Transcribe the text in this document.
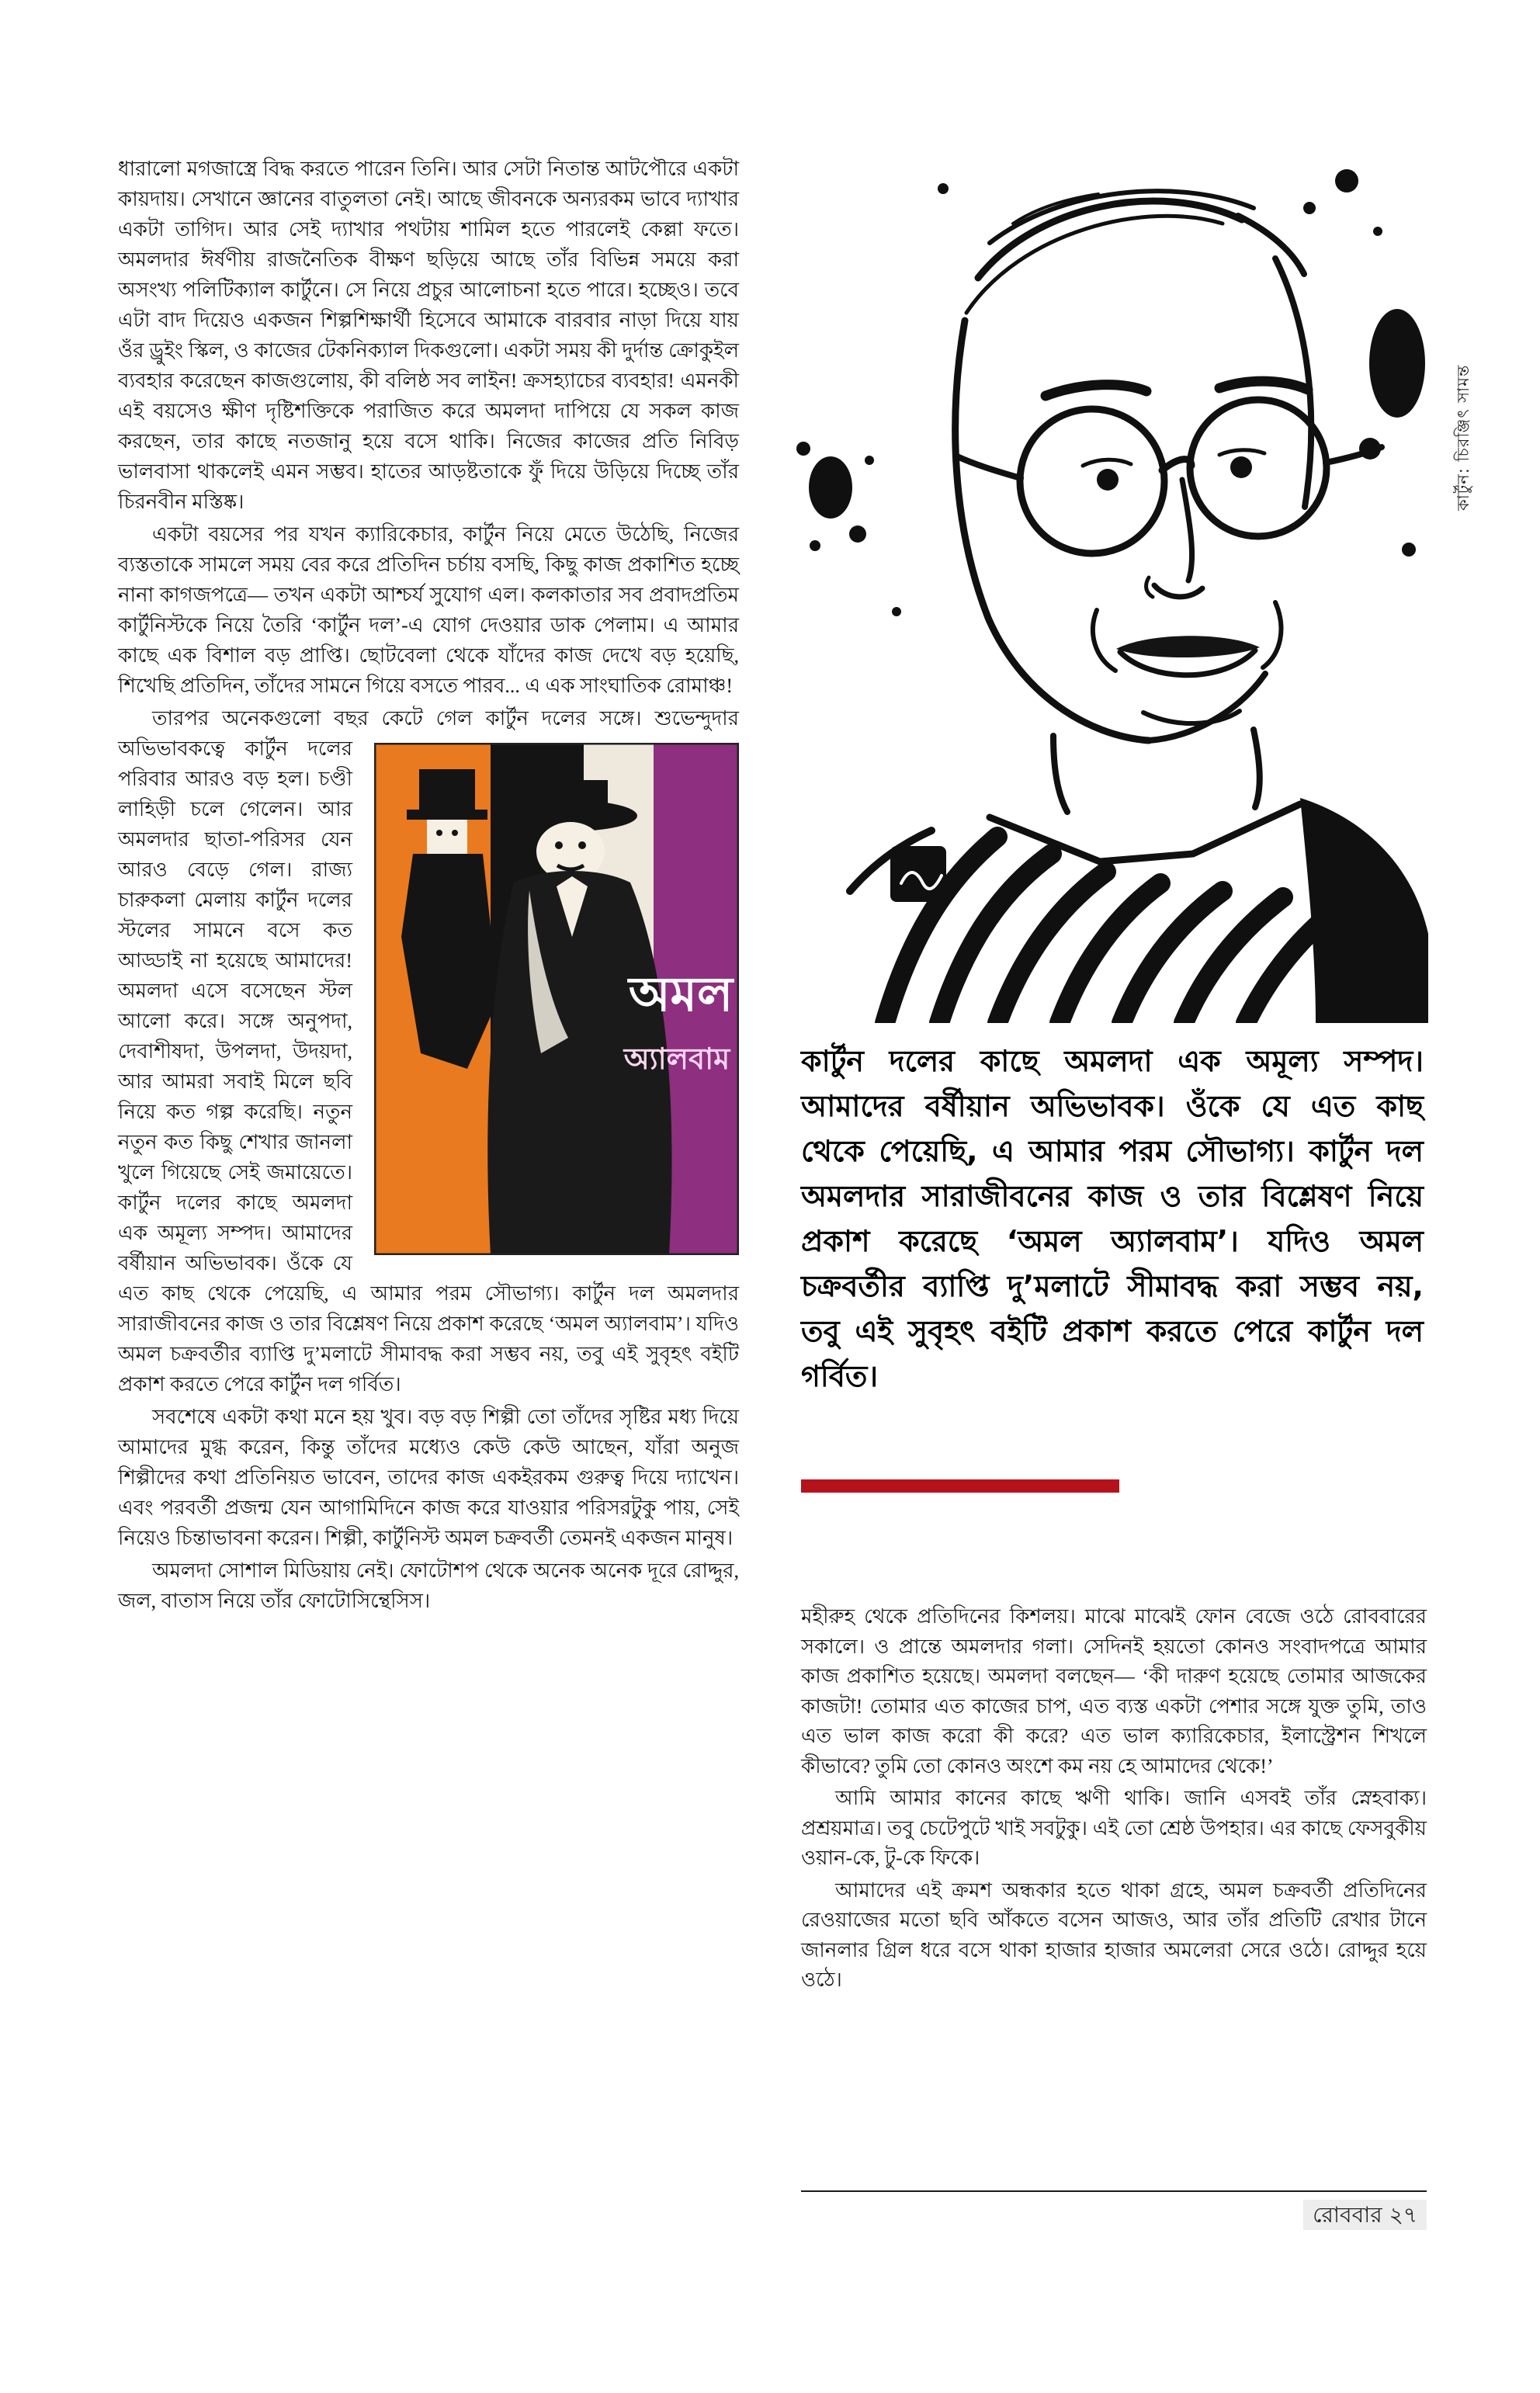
কার্টুন: চিরঞ্জিৎ সামন্ত
ধারালো মগজাস্ত্রে বিদ্ধ করতে পারেন তিনি। আর সেটা নিতান্ত আটপৌরে একটা কায়দায়। সেখানে জ্ঞানের বাতুলতা নেই। আছে জীবনকে অন্যরকম ভাবে দ্যাখার একটা তাগিদ। আর সেই দ্যাখার পথটায় শামিল হতে পারলেই কেল্লা ফতে। অমলদার ঈর্ষণীয় রাজনৈতিক বীক্ষণ ছড়িয়ে আছে তাঁর বিভিন্ন সময়ে করা অসংখ্য পলিটিক্যাল কার্টুনে। সে নিয়ে প্রচুর আলোচনা হতে পারে। হচ্ছেও। তবে এটা বাদ দিয়েও একজন শিল্পশিক্ষার্থী হিসেবে আমাকে বারবার নাড়া দিয়ে যায় ওঁর ড্রুইং স্কিল, ও কাজের টেকনিক্যাল দিকগুলো। একটা সময় কী দুর্দান্ত ক্রোকুইল ব্যবহার করেছেন কাজগুলোয়, কী বলিষ্ঠ সব লাইন! ক্রসহ্যাচের ব্যবহার! এমনকী এই বয়সেও ক্ষীণ দৃষ্টিশক্তিকে পরাজিত করে অমলদা দাপিয়ে যে সকল কাজ করছেন, তার কাছে নতজানু হয়ে বসে থাকি। নিজের কাজের প্রতি নিবিড় ভালবাসা থাকলেই এমন সম্ভব। হাতের আড়ষ্টতাকে ফুঁ দিয়ে উড়িয়ে দিচ্ছে তাঁর চিরনবীন মস্তিষ্ক।
একটা বয়সের পর যখন ক্যারিকেচার, কার্টুন নিয়ে মেতে উঠেছি, নিজের ব্যস্ততাকে সামলে সময় বের করে প্রতিদিন চর্চায় বসছি, কিছু কাজ প্রকাশিত হচ্ছে নানা কাগজপত্রে— তখন একটা আশ্চর্য সুযোগ এল। কলকাতার সব প্রবাদপ্রতিম কার্টুনিস্টকে নিয়ে তৈরি ‘কার্টুন দল’-এ যোগ দেওয়ার ডাক পেলাম। এ আমার কাছে এক বিশাল বড় প্রাপ্তি। ছোটবেলা থেকে যাঁদের কাজ দেখে বড় হয়েছি, শিখেছি প্রতিদিন, তাঁদের সামনে গিয়ে বসতে পারব... এ এক সাংঘাতিক রোমাঞ্চ!
তারপর অনেকগুলো বছর কেটে গেল কার্টুন দলের সঙ্গে। শুভেন্দুদার
অমল
অ্যালবাম
অভিভাবকত্বে কার্টুন দলের পরিবার আরও বড় হল। চণ্ডী লাহিড়ী চলে গেলেন। আর অমলদার ছাতা-পরিসর যেন আরও বেড়ে গেল। রাজ্য চারুকলা মেলায় কার্টুন দলের স্টলের সামনে বসে কত আড্ডাই না হয়েছে আমাদের! অমলদা এসে বসেছেন স্টল আলো করে। সঙ্গে অনুপদা, দেবাশীষদা, উপলদা, উদয়দা, আর আমরা সবাই মিলে ছবি নিয়ে কত গল্প করেছি। নতুন নতুন কত কিছু শেখার জানলা খুলে গিয়েছে সেই জমায়েতে। কার্টুন দলের কাছে অমলদা এক অমূল্য সম্পদ। আমাদের বর্ষীয়ান অভিভাবক। ওঁকে যে এত কাছ থেকে পেয়েছি, এ আমার পরম সৌভাগ্য। কার্টুন দল অমলদার সারাজীবনের কাজ ও তার বিশ্লেষণ নিয়ে প্রকাশ করেছে ‘অমল অ্যালবাম’। যদিও অমল চক্রবর্তীর ব্যাপ্তি দু’মলাটে সীমাবদ্ধ করা সম্ভব নয়, তবু এই সুবৃহৎ বইটি প্রকাশ করতে পেরে কার্টুন দল গর্বিত।
সবশেষে একটা কথা মনে হয় খুব। বড় বড় শিল্পী তো তাঁদের সৃষ্টির মধ্য দিয়ে আমাদের মুগ্ধ করেন, কিন্তু তাঁদের মধ্যেও কেউ কেউ আছেন, যাঁরা অনুজ শিল্পীদের কথা প্রতিনিয়ত ভাবেন, তাদের কাজ একইরকম গুরুত্ব দিয়ে দ্যাখেন। এবং পরবর্তী প্রজন্ম যেন আগামিদিনে কাজ করে যাওয়ার পরিসরটুকু পায়, সেই নিয়েও চিন্তাভাবনা করেন। শিল্পী, কার্টুনিস্ট অমল চক্রবর্তী তেমনই একজন মানুষ।
অমলদা সোশাল মিডিয়ায় নেই। ফোটোশপ থেকে অনেক অনেক দূরে রোদ্দুর, জল, বাতাস নিয়ে তাঁর ফোটোসিন্থেসিস।
কার্টুন দলের কাছে অমলদা এক অমূল্য সম্পদ। আমাদের বর্ষীয়ান অভিভাবক। ওঁকে যে এত কাছ থেকে পেয়েছি, এ আমার পরম সৌভাগ্য। কার্টুন দল অমলদার সারাজীবনের কাজ ও তার বিশ্লেষণ নিয়ে প্রকাশ করেছে ‘অমল অ্যালবাম’। যদিও অমল চক্রবর্তীর ব্যাপ্তি দু’মলাটে সীমাবদ্ধ করা সম্ভব নয়, তবু এই সুবৃহৎ বইটি প্রকাশ করতে পেরে কার্টুন দল গর্বিত।
মহীরুহ থেকে প্রতিদিনের কিশলয়। মাঝে মাঝেই ফোন বেজে ওঠে রোববারের সকালে। ও প্রান্তে অমলদার গলা। সেদিনই হয়তো কোনও সংবাদপত্রে আমার কাজ প্রকাশিত হয়েছে। অমলদা বলছেন— ‘কী দারুণ হয়েছে তোমার আজকের কাজটা! তোমার এত কাজের চাপ, এত ব্যস্ত একটা পেশার সঙ্গে যুক্ত তুমি, তাও এত ভাল কাজ করো কী করে? এত ভাল ক্যারিকেচার, ইলাস্ট্রেশন শিখলে কীভাবে? তুমি তো কোনও অংশে কম নয় হে আমাদের থেকে!’
আমি আমার কানের কাছে ঋণী থাকি। জানি এসবই তাঁর স্নেহবাক্য। প্রশ্রয়মাত্র। তবু চেটেপুটে খাই সবটুকু। এই তো শ্রেষ্ঠ উপহার। এর কাছে ফেসবুকীয় ওয়ান-কে, টু-কে ফিকে।
আমাদের এই ক্রমশ অন্ধকার হতে থাকা গ্রহে, অমল চক্রবর্তী প্রতিদিনের রেওয়াজের মতো ছবি আঁকতে বসেন আজও, আর তাঁর প্রতিটি রেখার টানে জানলার গ্রিল ধরে বসে থাকা হাজার হাজার অমলেরা সেরে ওঠে। রোদ্দুর হয়ে ওঠে।
রোববার ২৭
